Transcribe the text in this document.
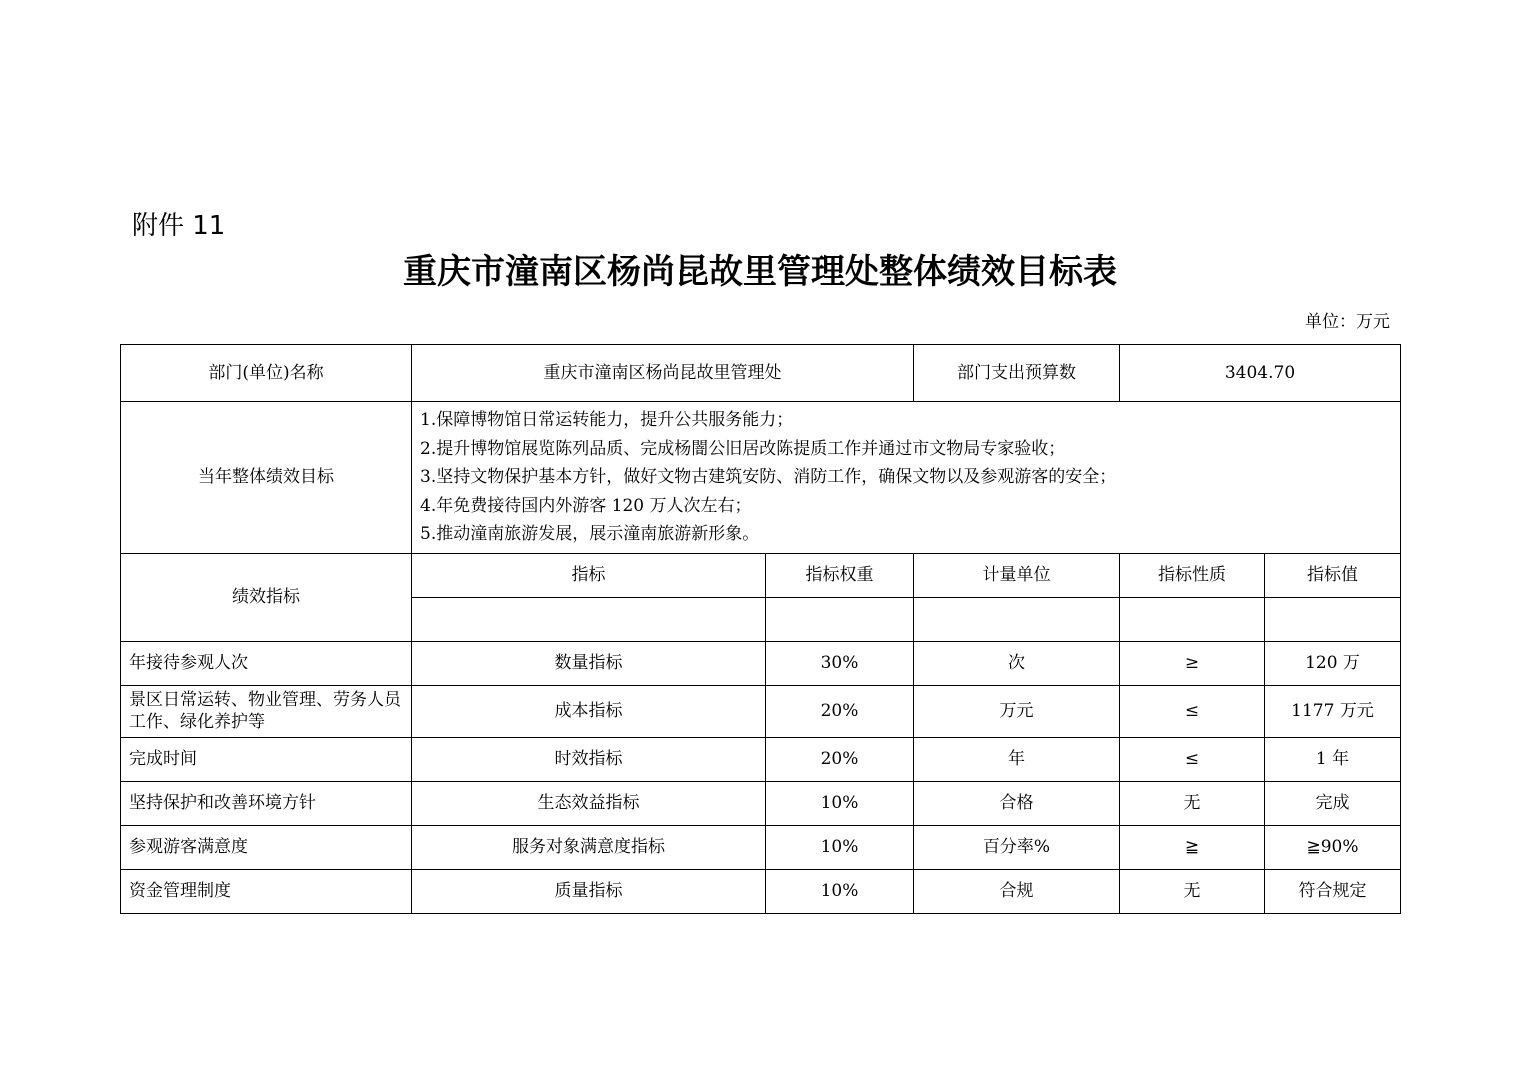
附件 11
重庆市潼南区杨尚昆故里管理处整体绩效目标表
单位：万元
部门(单位)名称	重庆市潼南区杨尚昆故里管理处		部门支出预算数	3404.70	
当年整体绩效目标	1.保障博物馆日常运转能力，提升公共服务能力；
2.提升博物馆展览陈列品质、完成杨闇公旧居改陈提质工作并通过市文物局专家验收；
3.坚持文物保护基本方针，做好文物古建筑安防、消防工作，确保文物以及参观游客的安全；
4.年免费接待国内外游客 120 万人次左右；
5.推动潼南旅游发展，展示潼南旅游新形象。				

绩效指标	指标	指标权重	计量单位	指标性质	指标值

年接待参观人次	数量指标	30%	次	≥	120 万
景区日常运转、物业管理、劳务人员工作、绿化养护等	成本指标	20%	万元	≤	1177 万元
完成时间	时效指标	20%	年	≤	1 年
坚持保护和改善环境方针	生态效益指标	10%	合格	无	完成
参观游客满意度	服务对象满意度指标	10%	百分率%	≧	≧90%
资金管理制度	质量指标	10%	合规	无	符合规定
